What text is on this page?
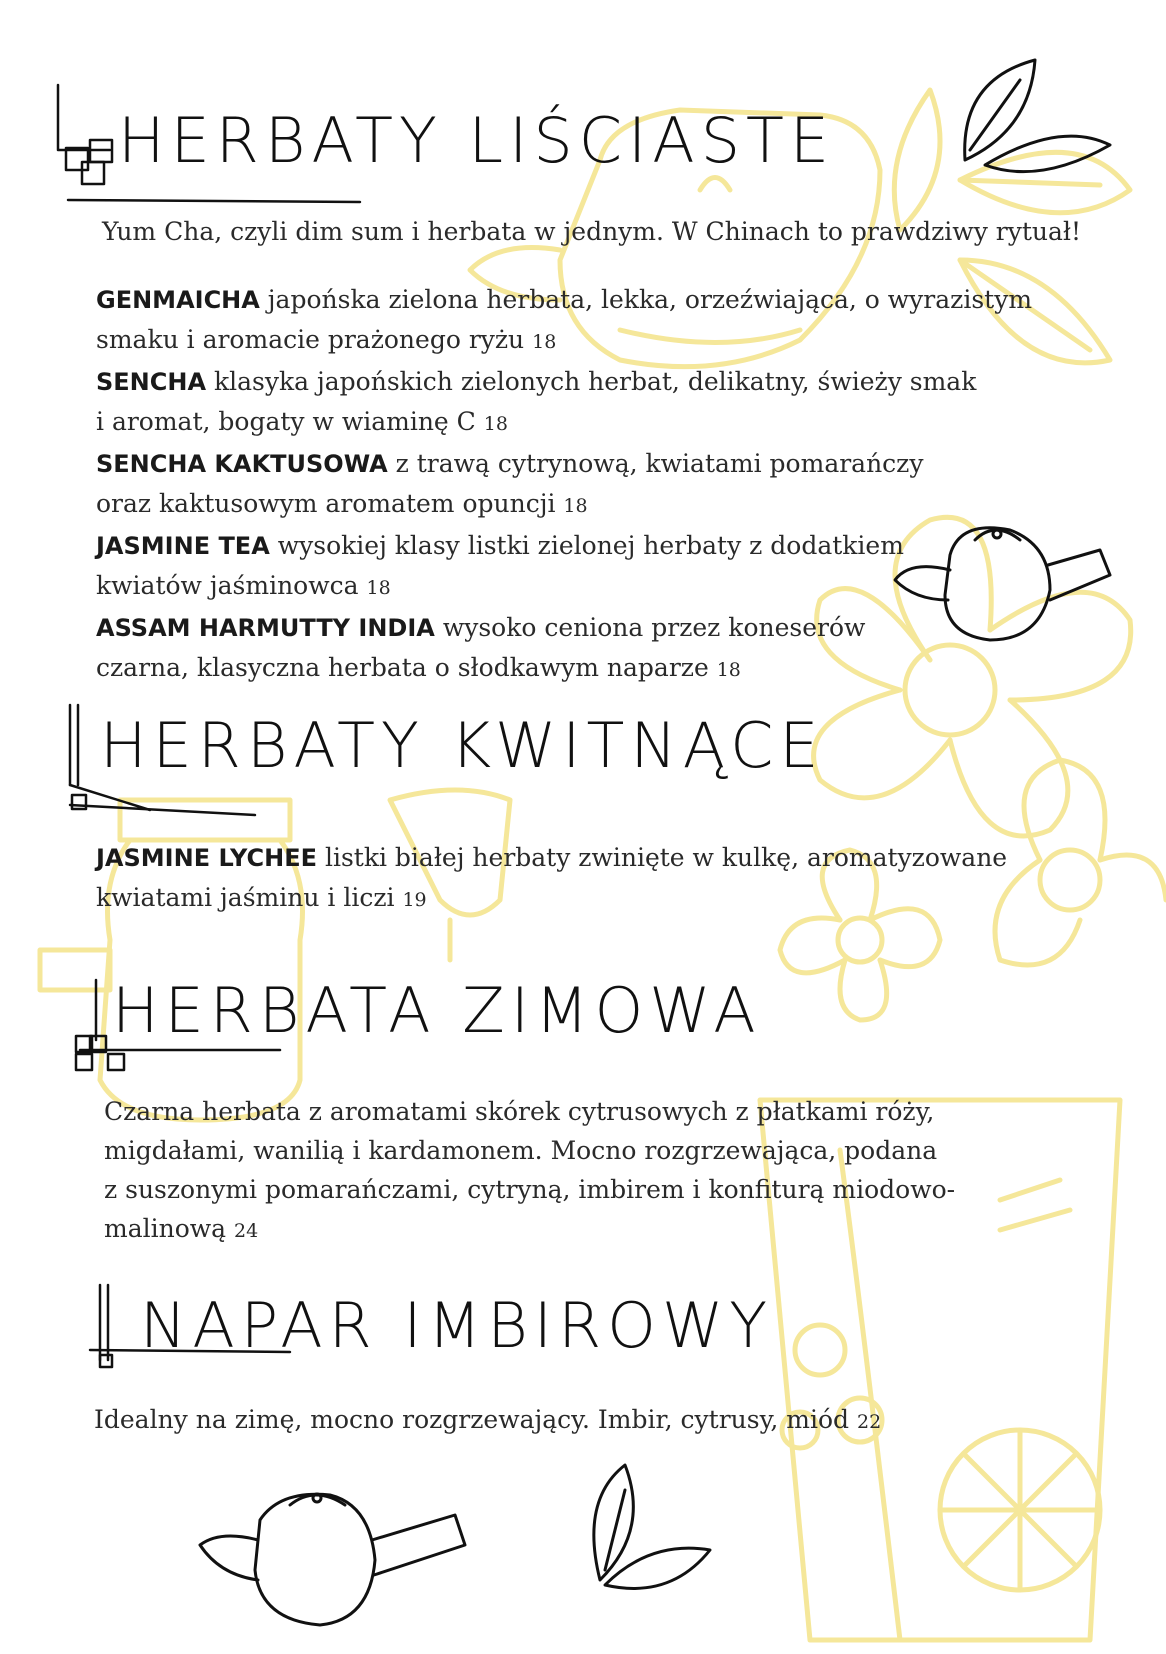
HERBATY LIŚCIASTE

Yum Cha, czyli dim sum i herbata w jednym. W Chinach to prawdziwy rytuał!

GENMAICHA japońska zielona herbata, lekka, orzeźwiająca, o wyrazistym
smaku i aromacie prażonego ryżu 18

SENCHA klasyka japońskich zielonych herbat, delikatny, świeży smak
i aromat, bogaty w wiaminę C 18

SENCHA KAKTUSOWA z trawą cytrynową, kwiatami pomarańczy
oraz kaktusowym aromatem opuncji 18

JASMINE TEA wysokiej klasy listki zielonej herbaty z dodatkiem
kwiatów jaśminowca 18

ASSAM HARMUTTY INDIA wysoko ceniona przez koneserów
czarna, klasyczna herbata o słodkawym naparze 18

HERBATY KWITNĄCE

JASMINE LYCHEE listki białej herbaty zwinięte w kulkę, aromatyzowane
kwiatami jaśminu i liczi 19

HERBATA ZIMOWA
Czarna herbata z aromatami skórek cytrusowych z płatkami róży,
migdałami, wanilią i kardamonem. Mocno rozgrzewająca, podana
z suszonymi pomarańczami, cytryną, imbirem i konfiturą miodowo-
malinową 24
NAPAR IMBIROWY
Idealny na zimę, mocno rozgrzewający. Imbir, cytrusy, miód 22
